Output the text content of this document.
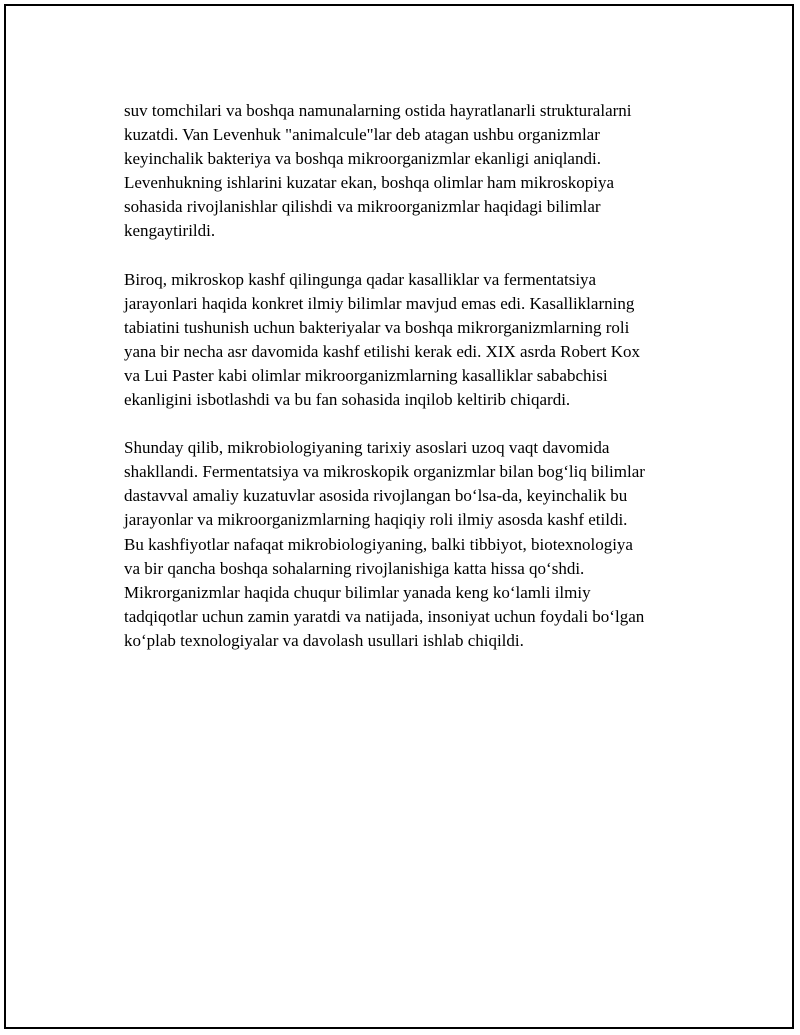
suv tomchilari va boshqa namunalarning ostida hayratlanarli strukturalarni
kuzatdi. Van Levenhuk "animalcule"lar deb atagan ushbu organizmlar
keyinchalik bakteriya va boshqa mikroorganizmlar ekanligi aniqlandi.
Levenhukning ishlarini kuzatar ekan, boshqa olimlar ham mikroskopiya
sohasida rivojlanishlar qilishdi va mikroorganizmlar haqidagi bilimlar
kengaytirildi.

Biroq, mikroskop kashf qilingunga qadar kasalliklar va fermentatsiya
jarayonlari haqida konkret ilmiy bilimlar mavjud emas edi. Kasalliklarning
tabiatini tushunish uchun bakteriyalar va boshqa mikrorganizmlarning roli
yana bir necha asr davomida kashf etilishi kerak edi. XIX asrda Robert Kox
va Lui Paster kabi olimlar mikroorganizmlarning kasalliklar sababchisi
ekanligini isbotlashdi va bu fan sohasida inqilob keltirib chiqardi.

Shunday qilib, mikrobiologiyaning tarixiy asoslari uzoq vaqt davomida
shakllandi. Fermentatsiya va mikroskopik organizmlar bilan bog‘liq bilimlar
dastavval amaliy kuzatuvlar asosida rivojlangan bo‘lsa-da, keyinchalik bu
jarayonlar va mikroorganizmlarning haqiqiy roli ilmiy asosda kashf etildi.
Bu kashfiyotlar nafaqat mikrobiologiyaning, balki tibbiyot, biotexnologiya
va bir qancha boshqa sohalarning rivojlanishiga katta hissa qo‘shdi.
Mikrorganizmlar haqida chuqur bilimlar yanada keng ko‘lamli ilmiy
tadqiqotlar uchun zamin yaratdi va natijada, insoniyat uchun foydali bo‘lgan
ko‘plab texnologiyalar va davolash usullari ishlab chiqildi.
